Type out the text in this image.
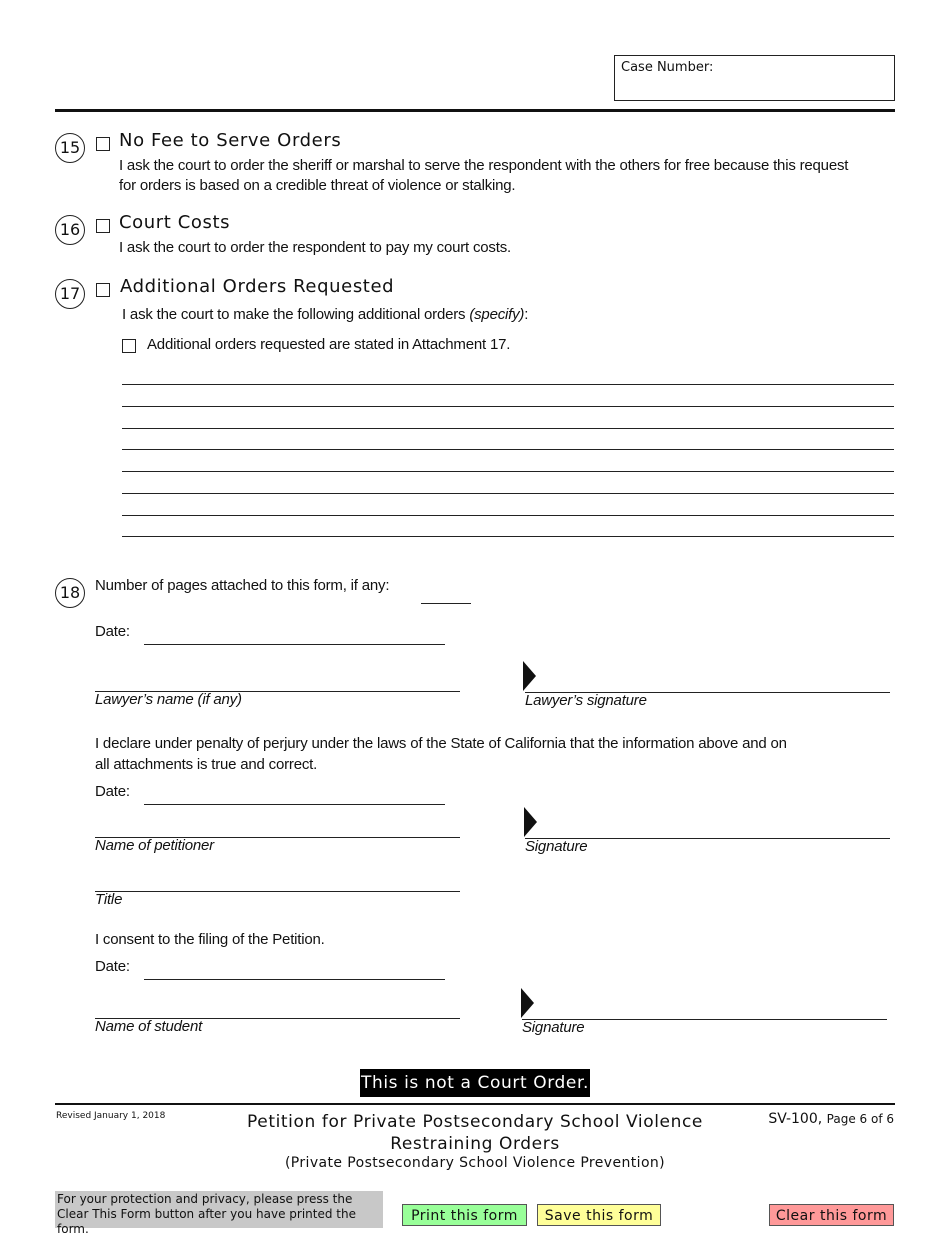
Case Number:
15 No Fee to Serve Orders
I ask the court to order the sheriff or marshal to serve the respondent with the others for free because this request
for orders is based on a credible threat of violence or stalking.
16 Court Costs
I ask the court to order the respondent to pay my court costs.
17 Additional Orders Requested
I ask the court to make the following additional orders (specify):
Additional orders requested are stated in Attachment 17.
18 Number of pages attached to this form, if any:
Date:
Lawyer’s name (if any)	Lawyer’s signature
I declare under penalty of perjury under the laws of the State of California that the information above and on
all attachments is true and correct.
Date:
Name of petitioner	Signature
Title
I consent to the filing of the Petition.
Date:
Name of student	Signature
This is not a Court Order.
Revised January 1, 2018	Petition for Private Postsecondary School Violence
Restraining Orders
(Private Postsecondary School Violence Prevention)
SV-100, Page 6 of 6
For your protection and privacy, please press the Clear This Form button after you have printed the form.
Print this form	Save this form	Clear this form
